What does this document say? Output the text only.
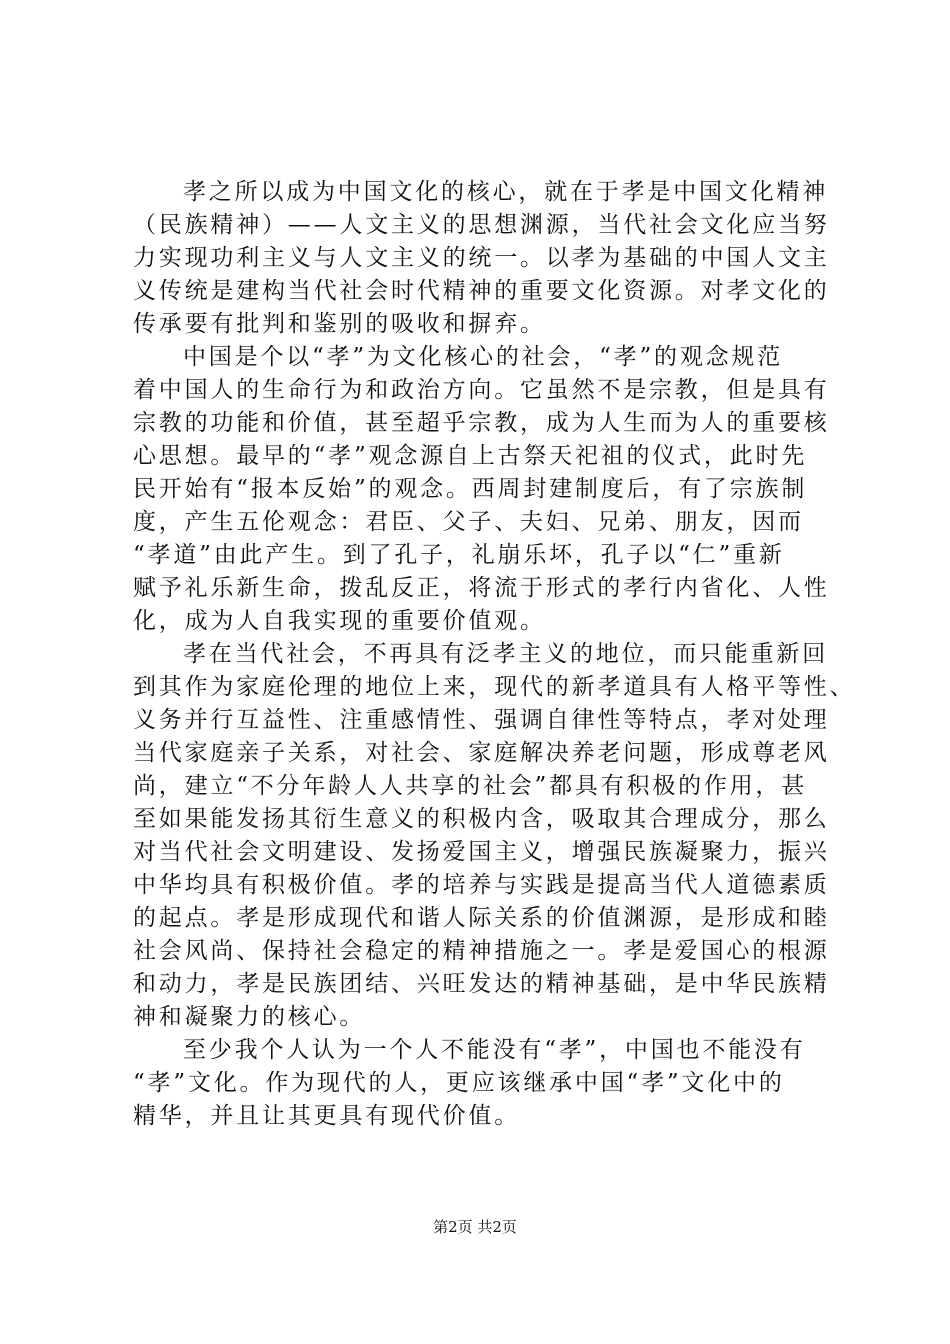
孝之所以成为中国文化的核心，就在于孝是中国文化精神
（民族精神）——人文主义的思想渊源，当代社会文化应当努
力实现功利主义与人文主义的统一。以孝为基础的中国人文主
义传统是建构当代社会时代精神的重要文化资源。对孝文化的
传承要有批判和鉴别的吸收和摒弃。
中国是个以“孝”为文化核心的社会，“孝”的观念规范
着中国人的生命行为和政治方向。它虽然不是宗教，但是具有
宗教的功能和价值，甚至超乎宗教，成为人生而为人的重要核
心思想。最早的“孝”观念源自上古祭天祀祖的仪式，此时先
民开始有“报本反始”的观念。西周封建制度后，有了宗族制
度，产生五伦观念：君臣、父子、夫妇、兄弟、朋友，因而
“孝道”由此产生。到了孔子，礼崩乐坏，孔子以“仁”重新
赋予礼乐新生命，拨乱反正，将流于形式的孝行内省化、人性
化，成为人自我实现的重要价值观。
孝在当代社会，不再具有泛孝主义的地位，而只能重新回
到其作为家庭伦理的地位上来，现代的新孝道具有人格平等性、
义务并行互益性、注重感情性、强调自律性等特点，孝对处理
当代家庭亲子关系，对社会、家庭解决养老问题，形成尊老风
尚，建立“不分年龄人人共享的社会”都具有积极的作用，甚
至如果能发扬其衍生意义的积极内含，吸取其合理成分，那么
对当代社会文明建设、发扬爱国主义，增强民族凝聚力，振兴
中华均具有积极价值。孝的培养与实践是提高当代人道德素质
的起点。孝是形成现代和谐人际关系的价值渊源，是形成和睦
社会风尚、保持社会稳定的精神措施之一。孝是爱国心的根源
和动力，孝是民族团结、兴旺发达的精神基础，是中华民族精
神和凝聚力的核心。
至少我个人认为一个人不能没有“孝”，中国也不能没有
“孝”文化。作为现代的人，更应该继承中国“孝”文化中的
精华，并且让其更具有现代价值。
第2页 共2页
